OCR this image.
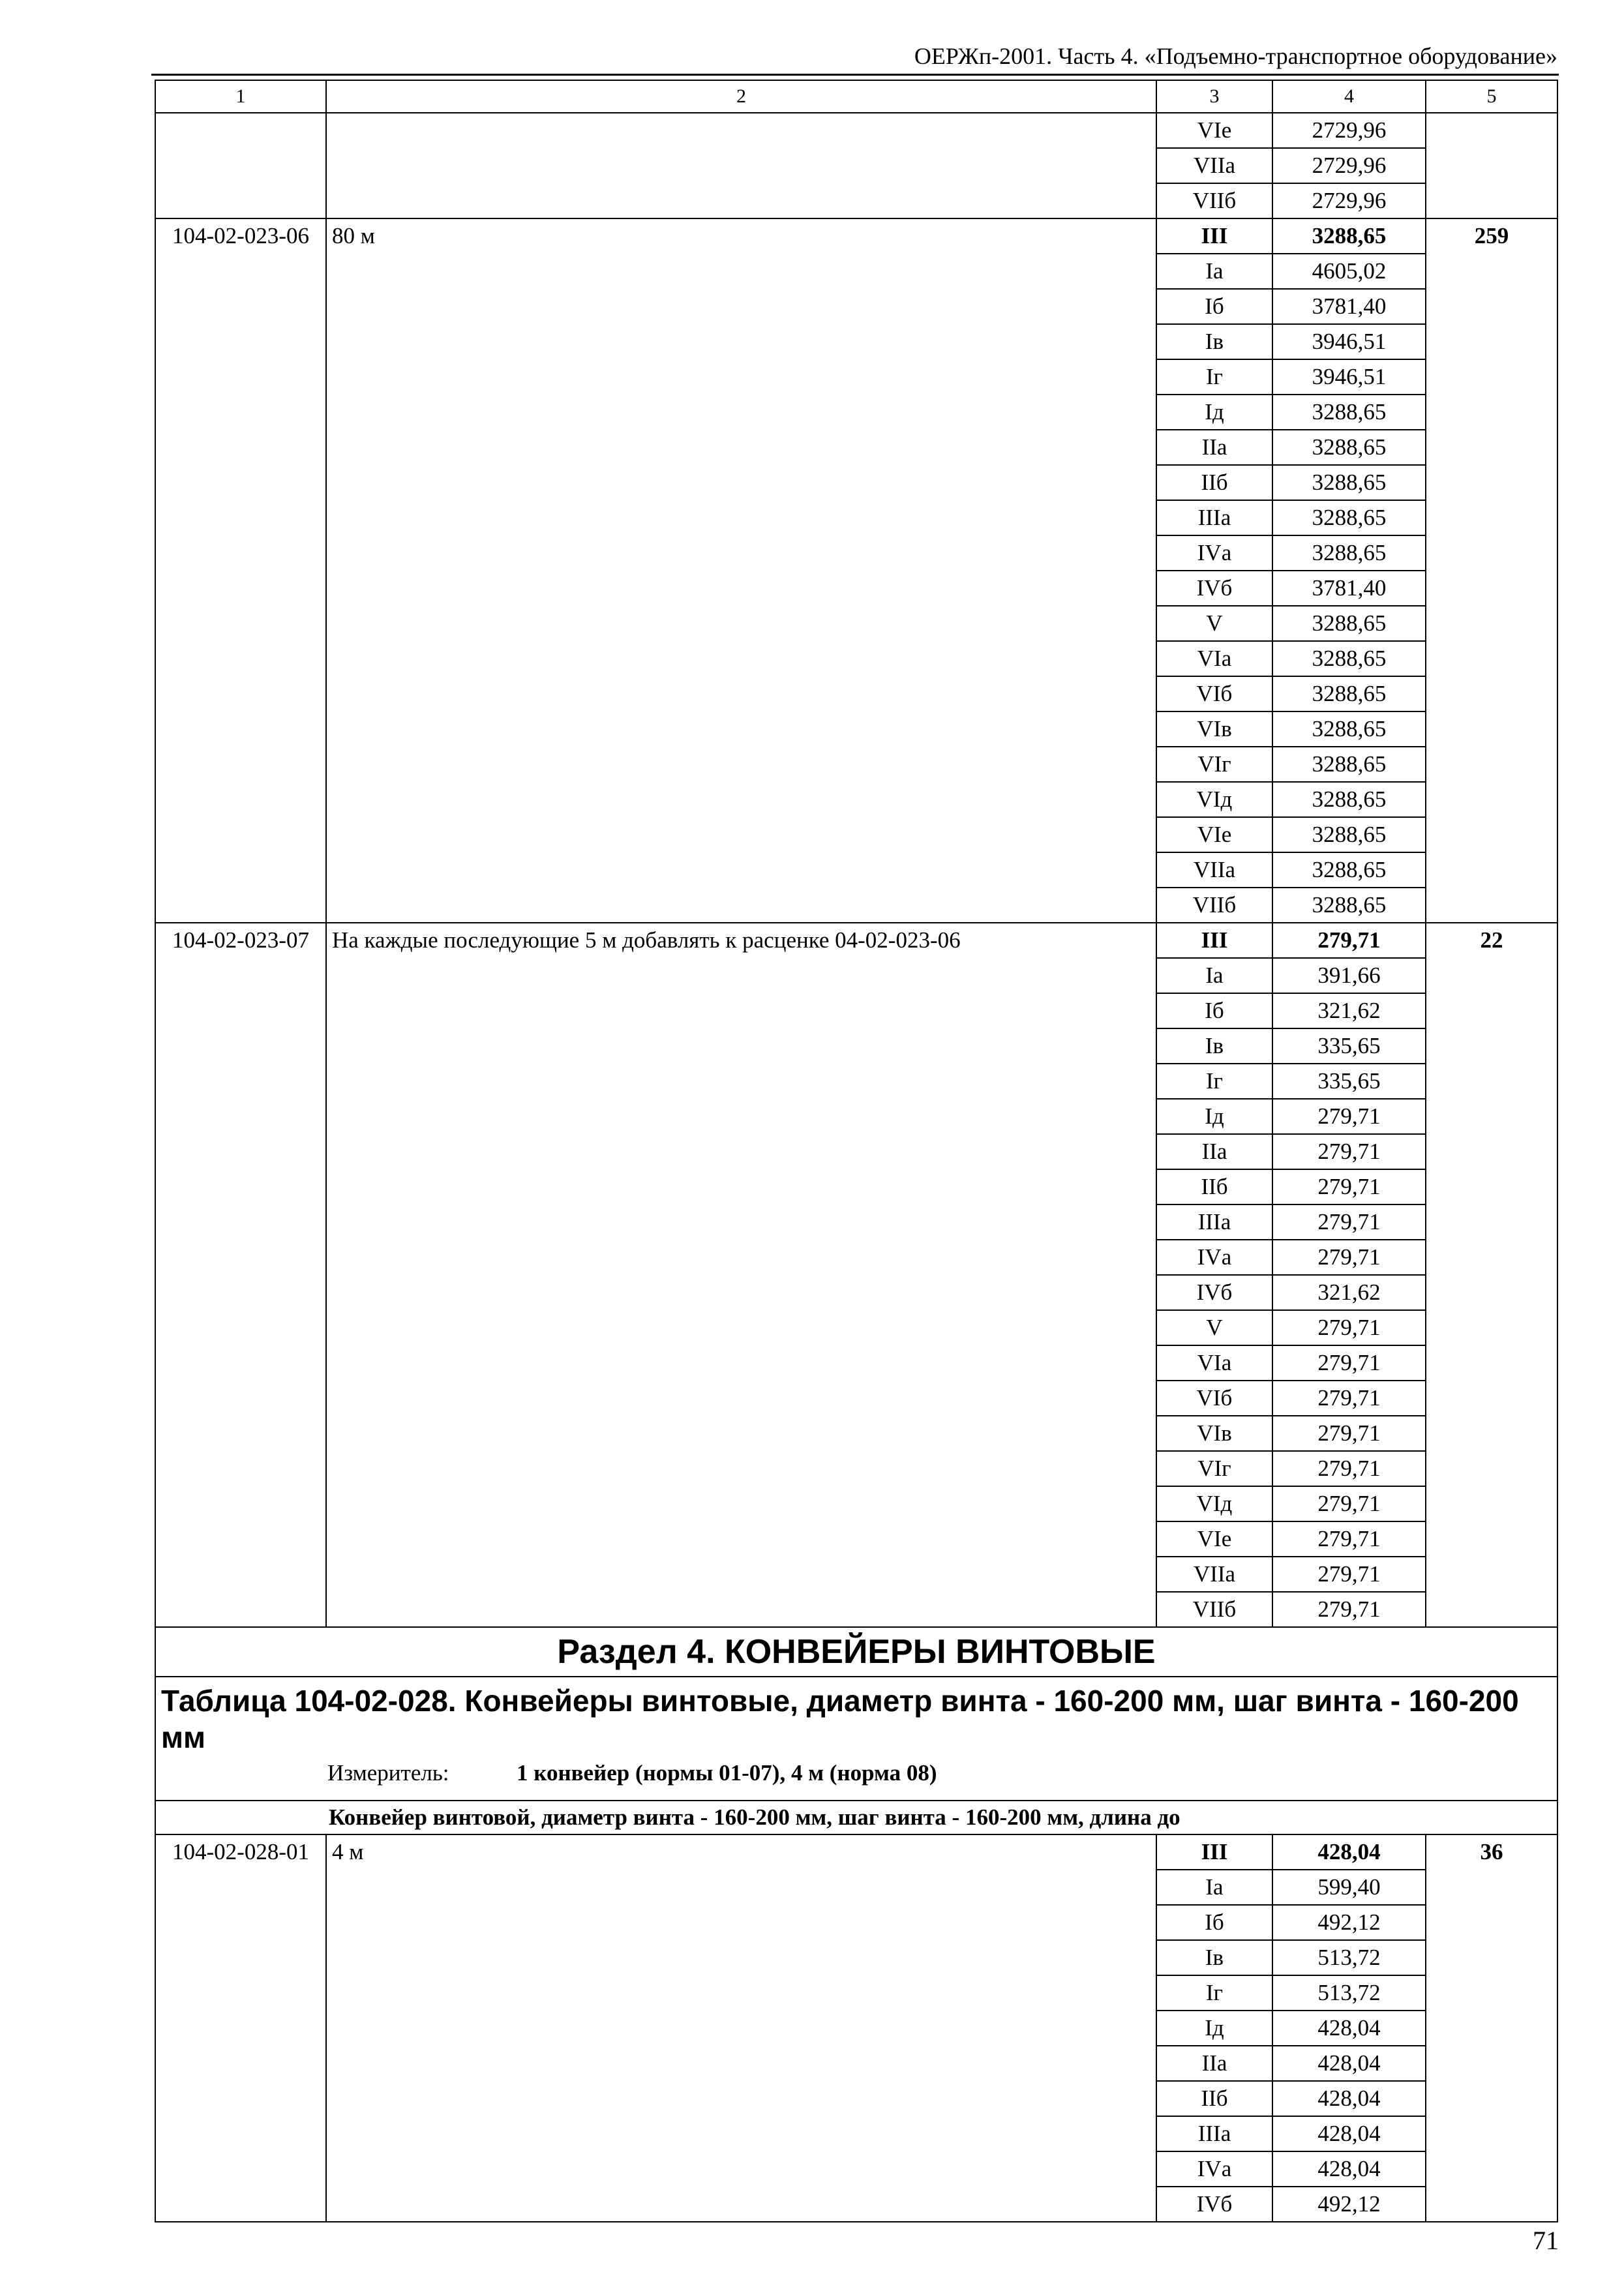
ОЕРЖп-2001. Часть 4. «Подъемно-транспортное оборудование»
1	2	3	4	5
		VIе	2729,96	
		VIIа	2729,96	
		VIIб	2729,96	
104-02-023-06	80 м	III	3288,65	259
		Iа	4605,02	
		Iб	3781,40	
		Iв	3946,51	
		Iг	3946,51	
		Iд	3288,65	
		IIа	3288,65	
		IIб	3288,65	
		IIIа	3288,65	
		IVа	3288,65	
		IVб	3781,40	
		V	3288,65	
		VIа	3288,65	
		VIб	3288,65	
		VIв	3288,65	
		VIг	3288,65	
		VIд	3288,65	
		VIе	3288,65	
		VIIа	3288,65	
		VIIб	3288,65	
104-02-023-07	На каждые последующие 5 м добавлять к расценке 04-02-023-06	III	279,71	22
		Iа	391,66	
		Iб	321,62	
		Iв	335,65	
		Iг	335,65	
		Iд	279,71	
		IIа	279,71	
		IIб	279,71	
		IIIа	279,71	
		IVа	279,71	
		IVб	321,62	
		V	279,71	
		VIа	279,71	
		VIб	279,71	
		VIв	279,71	
		VIг	279,71	
		VIд	279,71	
		VIе	279,71	
		VIIа	279,71	
		VIIб	279,71	
Раздел 4. КОНВЕЙЕРЫ ВИНТОВЫЕ				

Таблица 104-02-028. Конвейеры винтовые, диаметр винта - 160-200 мм, шаг винта - 160-200 мм
Измеритель: 1 конвейер (нормы 01-07), 4 м (норма 08)				

Конвейер винтовой, диаметр винта - 160-200 мм, шаг винта - 160-200 мм, длина до				
104-02-028-01	4 м	III	428,04	36
		Iа	599,40	
		Iб	492,12	
		Iв	513,72	
		Iг	513,72	
		Iд	428,04	
		IIа	428,04	
		IIб	428,04	
		IIIа	428,04	
		IVа	428,04	
		IVб	492,12	
71
